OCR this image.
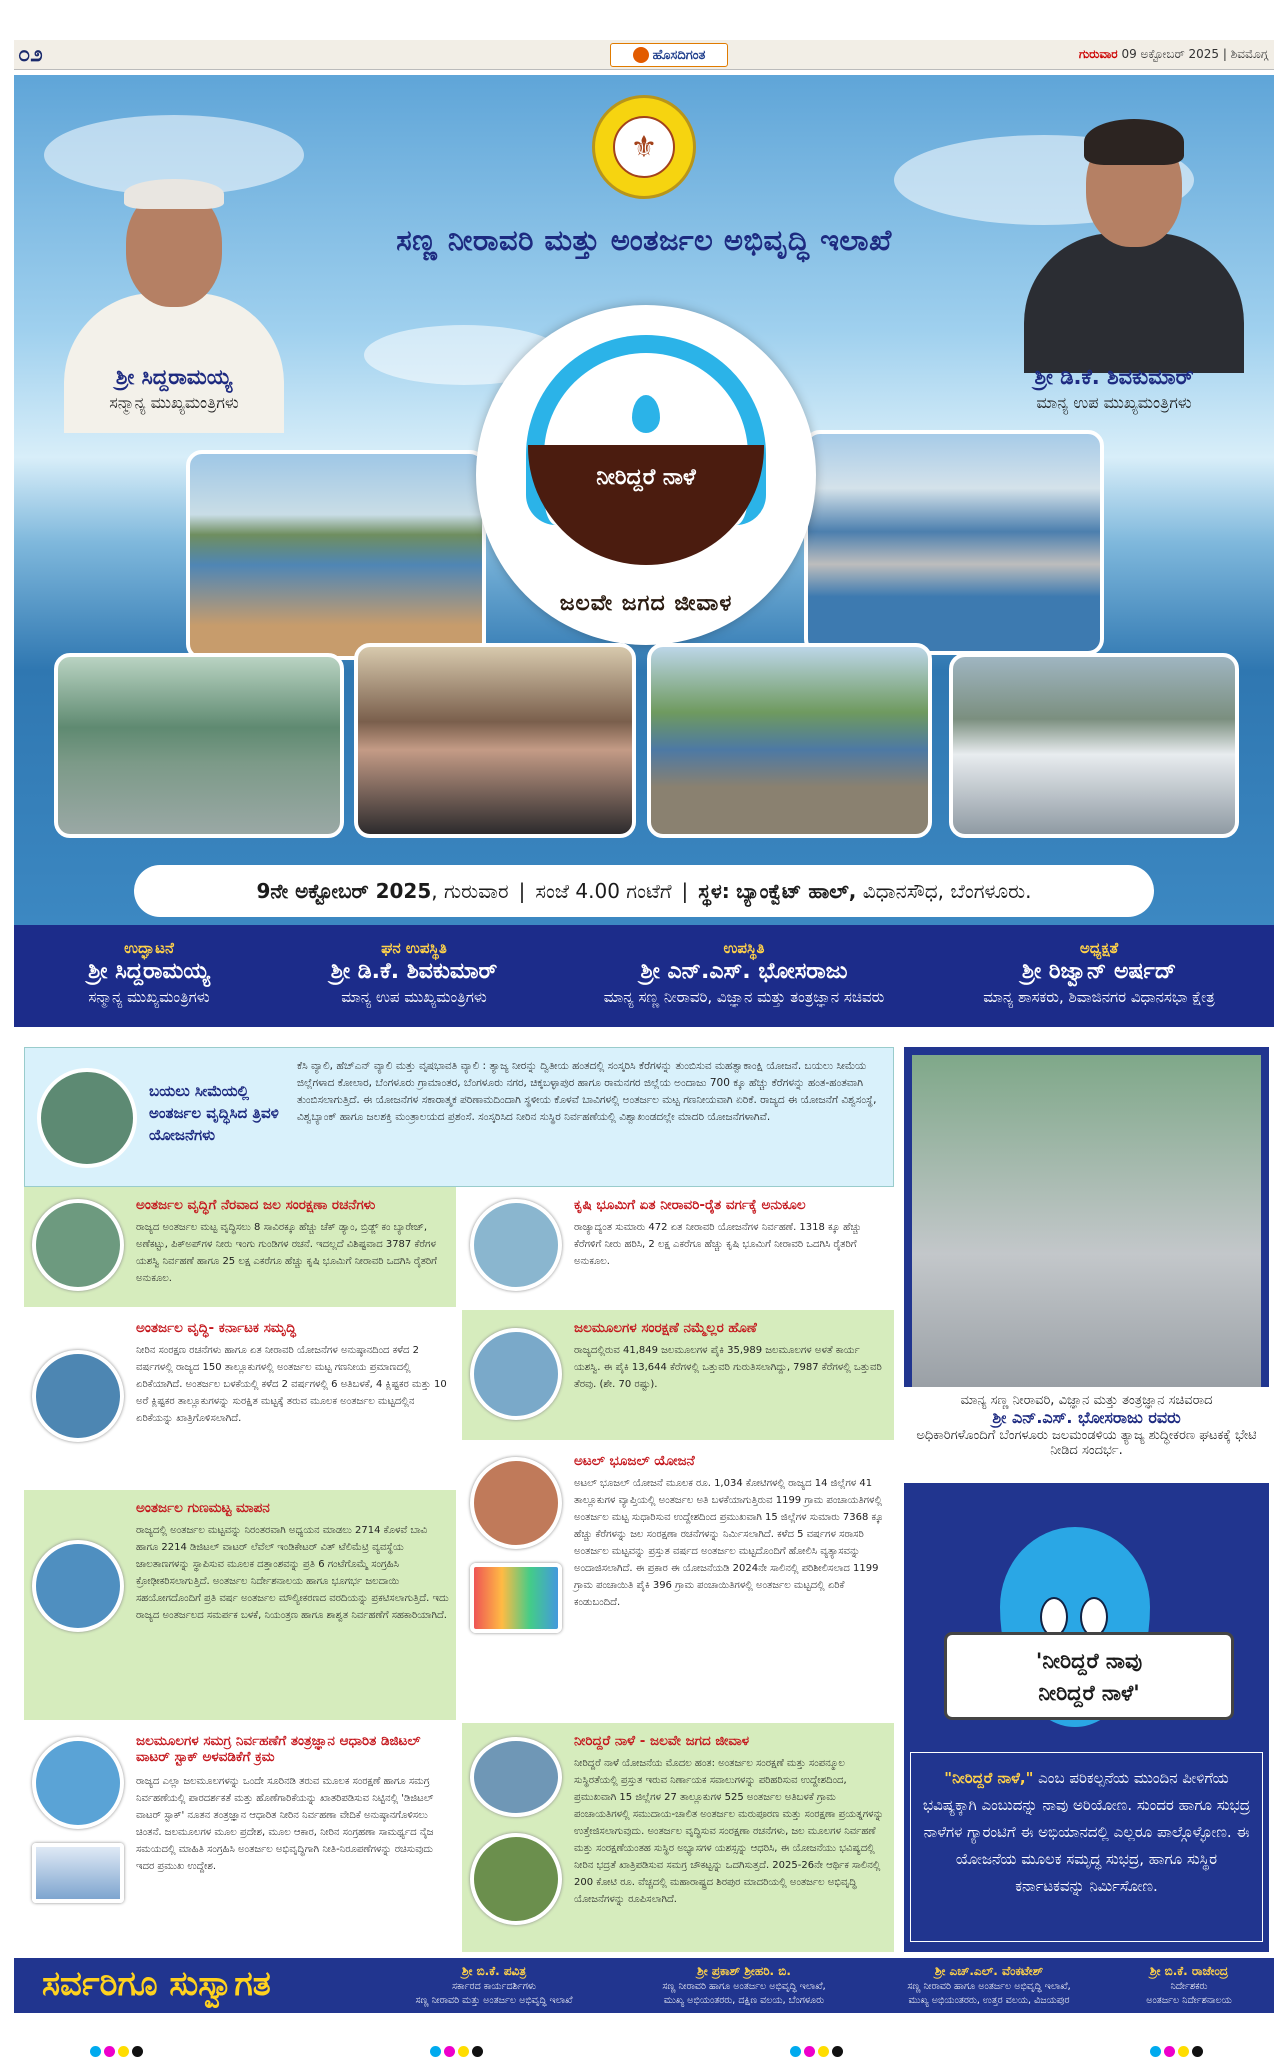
೦೨	ಹೊಸದಿಗಂತ	ಗುರುವಾರ 09 ಅಕ್ಟೋಬರ್ 2025 | ಶಿವಮೊಗ್ಗ
⚜
ಸಣ್ಣ ನೀರಾವರಿ ಮತ್ತು ಅಂತರ್ಜಲ ಅಭಿವೃದ್ಧಿ ಇಲಾಖೆ
ಶ್ರೀ ಸಿದ್ದರಾಮಯ್ಯ
ಸನ್ಮಾನ್ಯ ಮುಖ್ಯಮಂತ್ರಿಗಳು
ಶ್ರೀ ಡಿ.ಕೆ. ಶಿವಕುಮಾರ್
ಮಾನ್ಯ ಉಪ ಮುಖ್ಯಮಂತ್ರಿಗಳು
ನೀರಿದ್ದರೆ ನಾಳೆ
ಜಲವೇ ಜಗದ ಜೀವಾಳ
9ನೇ ಅಕ್ಟೋಬರ್ 2025, ಗುರುವಾರ | ಸಂಜೆ 4.00 ಗಂಟೆಗೆ | ಸ್ಥಳ: ಬ್ಯಾಂಕ್ವೆಟ್ ಹಾಲ್, ವಿಧಾನಸೌಧ, ಬೆಂಗಳೂರು.
ಉದ್ಘಾಟನೆ
ಶ್ರೀ ಸಿದ್ದರಾಮಯ್ಯ
ಸನ್ಮಾನ್ಯ ಮುಖ್ಯಮಂತ್ರಿಗಳು
ಘನ ಉಪಸ್ಥಿತಿ
ಶ್ರೀ ಡಿ.ಕೆ. ಶಿವಕುಮಾರ್
ಮಾನ್ಯ ಉಪ ಮುಖ್ಯಮಂತ್ರಿಗಳು
ಉಪಸ್ಥಿತಿ
ಶ್ರೀ ಎನ್.ಎಸ್. ಭೋಸರಾಜು
ಮಾನ್ಯ ಸಣ್ಣ ನೀರಾವರಿ, ವಿಜ್ಞಾನ ಮತ್ತು ತಂತ್ರಜ್ಞಾನ ಸಚಿವರು
ಅಧ್ಯಕ್ಷತೆ
ಶ್ರೀ ರಿಜ್ವಾನ್ ಅರ್ಷದ್
ಮಾನ್ಯ ಶಾಸಕರು, ಶಿವಾಜಿನಗರ ವಿಧಾನಸಭಾ ಕ್ಷೇತ್ರ
ಬಯಲು ಸೀಮೆಯಲ್ಲಿ ಅಂತರ್ಜಲ ವೃದ್ಧಿಸಿದ ತ್ರಿವಳಿ ಯೋಜನೆಗಳು
ಕೆಸಿ ವ್ಯಾಲಿ, ಹೆಚ್‌ಎನ್ ವ್ಯಾಲಿ ಮತ್ತು ವೃಷಭಾವತಿ ವ್ಯಾಲಿ : ತ್ಯಾಜ್ಯ ನೀರನ್ನು ದ್ವಿತೀಯ ಹಂತದಲ್ಲಿ ಸಂಸ್ಕರಿಸಿ ಕೆರೆಗಳನ್ನು ತುಂಬಿಸುವ ಮಹತ್ವಾಕಾಂಕ್ಷಿ ಯೋಜನೆ. ಬಯಲು ಸೀಮೆಯ ಜಿಲ್ಲೆಗಳಾದ ಕೋಲಾರ, ಬೆಂಗಳೂರು ಗ್ರಾಮಾಂತರ, ಬೆಂಗಳೂರು ನಗರ, ಚಿಕ್ಕಬಳ್ಳಾಪುರ ಹಾಗೂ ರಾಮನಗರ ಜಿಲ್ಲೆಯ ಅಂದಾಜು 700 ಕ್ಕೂ ಹೆಚ್ಚು ಕೆರೆಗಳನ್ನು ಹಂತ-ಹಂತವಾಗಿ ತುಂಬಿಸಲಾಗುತ್ತಿದೆ. ಈ ಯೋಜನೆಗಳ ಸಕಾರಾತ್ಮಕ ಪರಿಣಾಮದಿಂದಾಗಿ ಸ್ಥಳೀಯ ಕೊಳವೆ ಬಾವಿಗಳಲ್ಲಿ ಅಂತರ್ಜಲ ಮಟ್ಟ ಗಣನೀಯವಾಗಿ ಏರಿಕೆ. ರಾಜ್ಯದ ಈ ಯೋಜನೆಗೆ ವಿಶ್ವಸಂಸ್ಥೆ, ವಿಶ್ವಬ್ಯಾಂಕ್ ಹಾಗೂ ಜಲಶಕ್ತಿ ಮಂತ್ರಾಲಯದ ಪ್ರಶಂಸೆ. ಸಂಸ್ಕರಿಸಿದ ನೀರಿನ ಸುಸ್ಥಿರ ನಿರ್ವಹಣೆಯಲ್ಲಿ ವಿಶ್ವಾಖಂಡದಲ್ಲೇ ಮಾದರಿ ಯೋಜನೆಗಳಾಗಿವೆ.
ಅಂತರ್ಜಲ ವೃದ್ಧಿಗೆ ನೆರವಾದ ಜಲ ಸಂರಕ್ಷಣಾ ರಚನೆಗಳು
ರಾಜ್ಯದ ಅಂತರ್ಜಲ ಮಟ್ಟ ವೃದ್ಧಿಸಲು 8 ಸಾವಿರಕ್ಕೂ ಹೆಚ್ಚು ಚೆಕ್ ಡ್ಯಾಂ, ಬ್ರಿಡ್ಜ್ ಕಂ ಬ್ಯಾರೇಜ್, ಅಣೆಕಟ್ಟು, ಪಿಕ್ಅಪ್‌ಗಳ ನೀರು ಇಂಗು ಗುಂಡಿಗಳ ರಚನೆ. ಇದಲ್ಲದೆ ವಿಶಿಷ್ಟವಾದ 3787 ಕೆರೆಗಳ ಯಶಸ್ವಿ ನಿರ್ವಹಣೆ ಹಾಗೂ 25 ಲಕ್ಷ ಎಕರೆಗೂ ಹೆಚ್ಚು ಕೃಷಿ ಭೂಮಿಗೆ ನೀರಾವರಿ ಒದಗಿಸಿ ರೈತರಿಗೆ ಅನುಕೂಲ.
ಕೃಷಿ ಭೂಮಿಗೆ ಏತ ನೀರಾವರಿ-ರೈತ ವರ್ಗಕ್ಕೆ ಅನುಕೂಲ
ರಾಜ್ಯಾದ್ಯಂತ ಸುಮಾರು 472 ಏತ ನೀರಾವರಿ ಯೋಜನೆಗಳ ನಿರ್ವಹಣೆ. 1318 ಕ್ಕೂ ಹೆಚ್ಚು ಕೆರೆಗಳಿಗೆ ನೀರು ಹರಿಸಿ, 2 ಲಕ್ಷ ಎಕರೆಗೂ ಹೆಚ್ಚು ಕೃಷಿ ಭೂಮಿಗೆ ನೀರಾವರಿ ಒದಗಿಸಿ ರೈತರಿಗೆ ಅನುಕೂಲ.
ಅಂತರ್ಜಲ ವೃದ್ಧಿ- ಕರ್ನಾಟಕ ಸಮೃದ್ಧಿ
ನೀರಿನ ಸಂರಕ್ಷಣ ರಚನೆಗಳು ಹಾಗೂ ಏತ ನೀರಾವರಿ ಯೋಜನೆಗಳ ಅನುಷ್ಠಾನದಿಂದ ಕಳೆದ 2 ವರ್ಷಗಳಲ್ಲಿ ರಾಜ್ಯದ 150 ತಾಲ್ಲೂಕುಗಳಲ್ಲಿ ಅಂತರ್ಜಲ ಮಟ್ಟ ಗಣನೀಯ ಪ್ರಮಾಣದಲ್ಲಿ ಏರಿಕೆಯಾಗಿದೆ. ಅಂತರ್ಜಲ ಬಳಕೆಯಲ್ಲಿ ಕಳೆದ 2 ವರ್ಷಗಳಲ್ಲಿ 6 ಅತಿಬಳಕೆ, 4 ಕ್ಲಿಷ್ಟಕರ ಮತ್ತು 10 ಅರೆ ಕ್ಲಿಷ್ಟಕರ ತಾಲ್ಲೂಕುಗಳನ್ನು ಸುರಕ್ಷಿತ ಮಟ್ಟಕ್ಕೆ ತರುವ ಮೂಲಕ ಅಂತರ್ಜಲ ಮಟ್ಟದಲ್ಲಿನ ಏರಿಕೆಯನ್ನು ಖಾತ್ರಿಗೊಳಿಸಲಾಗಿದೆ.
ಜಲಮೂಲಗಳ ಸಂರಕ್ಷಣೆ ನಮ್ಮೆಲ್ಲರ ಹೊಣೆ
ರಾಜ್ಯದಲ್ಲಿರುವ 41,849 ಜಲಮೂಲಗಳ ಪೈಕಿ 35,989 ಜಲಮೂಲಗಳ ಅಳತೆ ಕಾರ್ಯ ಯಶಸ್ವಿ. ಈ ಪೈಕಿ 13,644 ಕೆರೆಗಳಲ್ಲಿ ಒತ್ತುವರಿ ಗುರುತಿಸಲಾಗಿದ್ದು, 7987 ಕೆರೆಗಳಲ್ಲಿ ಒತ್ತುವರಿ ತೆರವು. (ಶೇ. 70 ರಷ್ಟು).
ಅಂತರ್ಜಲ ಗುಣಮಟ್ಟ ಮಾಪನ
ರಾಜ್ಯದಲ್ಲಿ ಅಂತರ್ಜಲ ಮಟ್ಟವನ್ನು ನಿರಂತರವಾಗಿ ಅಧ್ಯಯನ ಮಾಡಲು 2714 ಕೊಳವೆ ಬಾವಿ ಹಾಗೂ 2214 ಡಿಜಿಟಲ್ ವಾಟರ್ ಲೆವೆಲ್ ಇಂಡಿಕೇಟರ್ ವಿತ್ ಟೆಲಿಮೆಟ್ರಿ ವ್ಯವಸ್ಥೆಯ ಜಾಲತಾಣಗಳನ್ನು ಸ್ಥಾಪಿಸುವ ಮೂಲಕ ದತ್ತಾಂಶವನ್ನು ಪ್ರತಿ 6 ಗಂಟೆಗೊಮ್ಮೆ ಸಂಗ್ರಹಿಸಿ ಕ್ರೋಢೀಕರಿಸಲಾಗುತ್ತಿದೆ. ಅಂತರ್ಜಲ ನಿರ್ದೇಶನಾಲಯ ಹಾಗೂ ಭೂಗರ್ಭ ಜಲದಾಯಿ ಸಹಯೋಗದೊಂದಿಗೆ ಪ್ರತಿ ವರ್ಷ ಅಂತರ್ಜಲ ಮೌಲ್ಯೀಕರಣದ ವರದಿಯನ್ನು ಪ್ರಕಟಿಸಲಾಗುತ್ತಿದೆ. ಇದು ರಾಜ್ಯದ ಅಂತರ್ಜಲದ ಸಮರ್ಪಕ ಬಳಕೆ, ನಿಯಂತ್ರಣ ಹಾಗೂ ಶಾಶ್ವತ ನಿರ್ವಹಣೆಗೆ ಸಹಕಾರಿಯಾಗಿದೆ.
ಅಟಲ್ ಭೂಜಲ್ ಯೋಜನೆ
ಅಟಲ್ ಭೂಜಲ್ ಯೋಜನೆ ಮೂಲಕ ರೂ. 1,034 ಕೋಟಿಗಳಲ್ಲಿ ರಾಜ್ಯದ 14 ಜಿಲ್ಲೆಗಳ 41 ತಾಲ್ಲೂಕುಗಳ ವ್ಯಾಪ್ತಿಯಲ್ಲಿ ಅಂತರ್ಜಲ ಅತಿ ಬಳಕೆಯಾಗುತ್ತಿರುವ 1199 ಗ್ರಾಮ ಪಂಚಾಯತಿಗಳಲ್ಲಿ ಅಂತರ್ಜಲ ಮಟ್ಟ ಸುಧಾರಿಸುವ ಉದ್ದೇಶದಿಂದ ಪ್ರಮುಖವಾಗಿ 15 ಜಿಲ್ಲೆಗಳ ಸುಮಾರು 7368 ಕ್ಕೂ ಹೆಚ್ಚು ಕೆರೆಗಳನ್ನು ಜಲ ಸಂರಕ್ಷಣಾ ರಚನೆಗಳನ್ನು ನಿರ್ಮಿಸಲಾಗಿದೆ. ಕಳೆದ 5 ವರ್ಷಗಳ ಸರಾಸರಿ ಅಂತರ್ಜಲ ಮಟ್ಟವನ್ನು ಪ್ರಸ್ತುತ ವರ್ಷದ ಅಂತರ್ಜಲ ಮಟ್ಟದೊಂದಿಗೆ ಹೋಲಿಸಿ ವ್ಯತ್ಯಾಸವನ್ನು ಅಂದಾಜಿಸಲಾಗಿದೆ. ಈ ಪ್ರಕಾರ ಈ ಯೋಜನೆಯಡಿ 2024ನೇ ಸಾಲಿನಲ್ಲಿ ಪರಿಶೀಲಿಸಲಾದ 1199 ಗ್ರಾಮ ಪಂಚಾಯಿತಿ ಪೈಕಿ 396 ಗ್ರಾಮ ಪಂಚಾಯಿತಿಗಳಲ್ಲಿ ಅಂತರ್ಜಲ ಮಟ್ಟದಲ್ಲಿ ಏರಿಕೆ ಕಂಡುಬಂದಿದೆ.
ಜಲಮೂಲಗಳ ಸಮಗ್ರ ನಿರ್ವಹಣೆಗೆ ತಂತ್ರಜ್ಞಾನ ಆಧಾರಿತ ಡಿಜಿಟಲ್ ವಾಟರ್ ಸ್ಟಾಕ್ ಅಳವಡಿಕೆಗೆ ಕ್ರಮ
ರಾಜ್ಯದ ಎಲ್ಲಾ ಜಲಮೂಲಗಳನ್ನು ಒಂದೇ ಸೂರಿನಡಿ ತರುವ ಮೂಲಕ ಸಂರಕ್ಷಣೆ ಹಾಗೂ ಸಮಗ್ರ ನಿರ್ವಹಣೆಯಲ್ಲಿ ಪಾರದರ್ಶಕತೆ ಮತ್ತು ಹೊಣೆಗಾರಿಕೆಯನ್ನು ಖಾತರಿಪಡಿಸುವ ನಿಟ್ಟಿನಲ್ಲಿ 'ಡಿಜಿಟಲ್ ವಾಟರ್ ಸ್ಟಾಕ್' ನೂತನ ತಂತ್ರಜ್ಞಾನ ಆಧಾರಿತ ನೀರಿನ ನಿರ್ವಹಣಾ ವೇದಿಕೆ ಅನುಷ್ಠಾನಗೊಳಿಸಲು ಚಿಂತನೆ. ಜಲಮೂಲಗಳ ಮೂಲ ಪ್ರದೇಶ, ಮೂಲ ಆಕಾರ, ನೀರಿನ ಸಂಗ್ರಹಣಾ ಸಾಮರ್ಥ್ಯದ ನೈಜ ಸಮಯದಲ್ಲಿ ಮಾಹಿತಿ ಸಂಗ್ರಹಿಸಿ ಅಂತರ್ಜಲ ಅಭಿವೃದ್ಧಿಗಾಗಿ ನೀತಿ-ನಿರೂಪಣೆಗಳನ್ನು ರಚಿಸುವುದು ಇದರ ಪ್ರಮುಖ ಉದ್ದೇಶ.
ನೀರಿದ್ದರೆ ನಾಳೆ - ಜಲವೇ ಜಗದ ಜೀವಾಳ
ನೀರಿದ್ದರೆ ನಾಳೆ ಯೋಜನೆಯ ಮೊದಲ ಹಂತ: ಅಂತರ್ಜಲ ಸಂರಕ್ಷಣೆ ಮತ್ತು ಸಂಪನ್ಮೂಲ ಸುಸ್ಥಿರತೆಯಲ್ಲಿ ಪ್ರಸ್ತುತ ಇರುವ ನಿರ್ಣಾಯಕ ಸವಾಲುಗಳನ್ನು ಪರಿಹರಿಸುವ ಉದ್ದೇಶದಿಂದ, ಪ್ರಮುಖವಾಗಿ 15 ಜಿಲ್ಲೆಗಳ 27 ತಾಲ್ಲೂಕುಗಳ 525 ಅಂತರ್ಜಲ ಅತಿಬಳಕೆ ಗ್ರಾಮ ಪಂಚಾಯತಿಗಳಲ್ಲಿ ಸಮುದಾಯ-ಚಾಲಿತ ಅಂತರ್ಜಲ ಮರುಪೂರಣ ಮತ್ತು ಸಂರಕ್ಷಣಾ ಪ್ರಯತ್ನಗಳನ್ನು ಉತ್ತೇಜಿಸಲಾಗುವುದು. ಅಂತರ್ಜಲ ವೃದ್ಧಿಸುವ ಸಂರಕ್ಷಣಾ ರಚನೆಗಳು, ಜಲ ಮೂಲಗಳ ನಿರ್ವಹಣೆ ಮತ್ತು ಸಂರಕ್ಷಣೆಯಂತಹ ಸುಸ್ಥಿರ ಅಭ್ಯಾಸಗಳ ಯಶಸ್ಸನ್ನು ಆಧರಿಸಿ, ಈ ಯೋಜನೆಯು ಭವಿಷ್ಯದಲ್ಲಿ ನೀರಿನ ಭದ್ರತೆ ಖಾತ್ರಿಪಡಿಸುವ ಸಮಗ್ರ ಚೌಕಟ್ಟನ್ನು ಒದಗಿಸುತ್ತದೆ. 2025-26ನೇ ಆರ್ಥಿಕ ಸಾಲಿನಲ್ಲಿ 200 ಕೋಟಿ ರೂ. ವೆಚ್ಚದಲ್ಲಿ ಮಹಾರಾಷ್ಟ್ರದ ಶಿರಪುರ ಮಾದರಿಯಲ್ಲಿ ಅಂತರ್ಜಲ ಅಭಿವೃದ್ಧಿ ಯೋಜನೆಗಳನ್ನು ರೂಪಿಸಲಾಗಿದೆ.
ಮಾನ್ಯ ಸಣ್ಣ ನೀರಾವರಿ, ವಿಜ್ಞಾನ ಮತ್ತು ತಂತ್ರಜ್ಞಾನ ಸಚಿವರಾದ
ಶ್ರೀ ಎನ್.ಎಸ್. ಭೋಸರಾಜು ರವರು
ಅಧಿಕಾರಿಗಳೊಂದಿಗೆ ಬೆಂಗಳೂರು ಜಲಮಂಡಳಿಯ ತ್ಯಾಜ್ಯ ಶುದ್ಧೀಕರಣ ಘಟಕಕ್ಕೆ ಭೇಟಿ ನೀಡಿದ ಸಂದರ್ಭ.
'ನೀರಿದ್ದರೆ ನಾವು
ನೀರಿದ್ದರೆ ನಾಳೆ'
"ನೀರಿದ್ದರೆ ನಾಳೆ," ಎಂಬ ಪರಿಕಲ್ಪನೆಯ ಮುಂದಿನ ಪೀಳಿಗೆಯ ಭವಿಷ್ಯಕ್ಕಾಗಿ ಎಂಬುದನ್ನು ನಾವು ಅರಿಯೋಣ. ಸುಂದರ ಹಾಗೂ ಸುಭದ್ರ ನಾಳೆಗಳ ಗ್ಯಾರಂಟಿಗೆ ಈ ಅಭಿಯಾನದಲ್ಲಿ ಎಲ್ಲರೂ ಪಾಲ್ಗೊಳ್ಳೋಣ. ಈ ಯೋಜನೆಯ ಮೂಲಕ ಸಮೃದ್ಧ ಸುಭದ್ರ, ಹಾಗೂ ಸುಸ್ಥಿರ ಕರ್ನಾಟಕವನ್ನು ನಿರ್ಮಿಸೋಣ.
ಸರ್ವರಿಗೂ ಸುಸ್ವಾಗತ	ಶ್ರೀ ಬಿ.ಕೆ. ಪವಿತ್ರ
ಸರ್ಕಾರದ ಕಾರ್ಯದರ್ಶಿಗಳು
ಸಣ್ಣ ನೀರಾವರಿ ಮತ್ತು ಅಂತರ್ಜಲ ಅಭಿವೃದ್ಧಿ ಇಲಾಖೆ
ಶ್ರೀ ಪ್ರಕಾಶ್ ಶ್ರೀಹರಿ. ಬಿ.
ಸಣ್ಣ ನೀರಾವರಿ ಹಾಗೂ ಅಂತರ್ಜಲ ಅಭಿವೃದ್ಧಿ ಇಲಾಖೆ,
ಮುಖ್ಯ ಅಭಿಯಂತರರು, ದಕ್ಷಿಣ ವಲಯ, ಬೆಂಗಳೂರು
ಶ್ರೀ ಎಚ್.ಎಲ್. ವೆಂಕಟೇಶ್
ಸಣ್ಣ ನೀರಾವರಿ ಹಾಗೂ ಅಂತರ್ಜಲ ಅಭಿವೃದ್ಧಿ ಇಲಾಖೆ,
ಮುಖ್ಯ ಅಭಿಯಂತರರು, ಉತ್ತರ ವಲಯ, ವಿಜಯಪುರ
ಶ್ರೀ ಬಿ.ಕೆ. ರಾಜೇಂದ್ರ
ನಿರ್ದೇಶಕರು
ಅಂತರ್ಜಲ ನಿರ್ದೇಶನಾಲಯ
